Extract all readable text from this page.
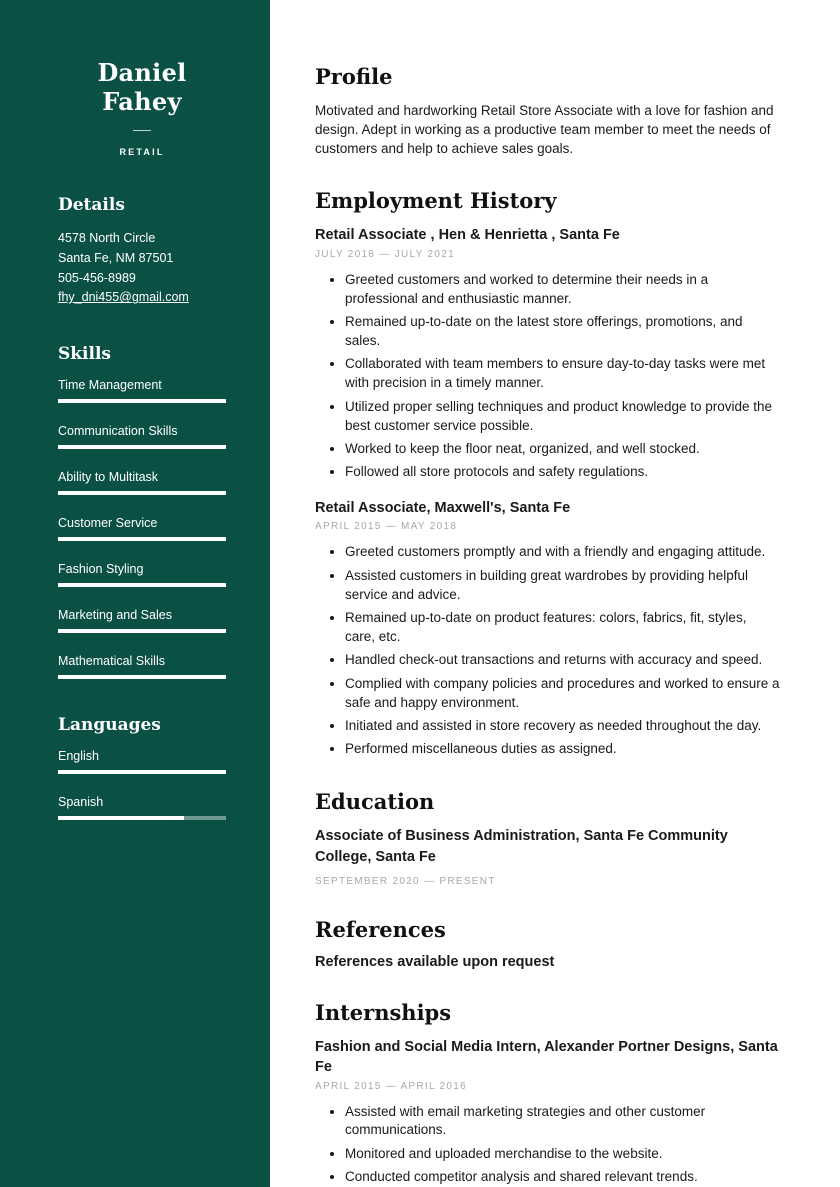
Daniel Fahey
RETAIL
Details
4578 North Circle
Santa Fe, NM 87501
505-456-8989
fhy_dni455@gmail.com
Skills
Time Management
Communication Skills
Ability to Multitask
Customer Service
Fashion Styling
Marketing and Sales
Mathematical Skills
Languages
English
Spanish
Profile

Motivated and hardworking Retail Store Associate with a love for fashion and design. Adept in working as a productive team member to meet the needs of customers and help to achieve sales goals.

Employment History
Retail Associate , Hen & Henrietta , Santa Fe
JULY 2018 — JULY 2021
• Greeted customers and worked to determine their needs in a professional and enthusiastic manner.
• Remained up-to-date on the latest store offerings, promotions, and sales.
• Collaborated with team members to ensure day-to-day tasks were met with precision in a timely manner.
• Utilized proper selling techniques and product knowledge to provide the best customer service possible.
• Worked to keep the floor neat, organized, and well stocked.
• Followed all store protocols and safety regulations.
Retail Associate, Maxwell's, Santa Fe
APRIL 2015 — MAY 2018
• Greeted customers promptly and with a friendly and engaging attitude.
• Assisted customers in building great wardrobes by providing helpful service and advice.
• Remained up-to-date on product features: colors, fabrics, fit, styles, care, etc.
• Handled check-out transactions and returns with accuracy and speed.
• Complied with company policies and procedures and worked to ensure a safe and happy environment.
• Initiated and assisted in store recovery as needed throughout the day.
• Performed miscellaneous duties as assigned.
Education
Associate of Business Administration, Santa Fe Community College, Santa Fe
SEPTEMBER 2020 — PRESENT
References
References available upon request
Internships
Fashion and Social Media Intern, Alexander Portner Designs, Santa Fe
APRIL 2015 — APRIL 2016
• Assisted with email marketing strategies and other customer communications.
• Monitored and uploaded merchandise to the website.
• Conducted competitor analysis and shared relevant trends.
